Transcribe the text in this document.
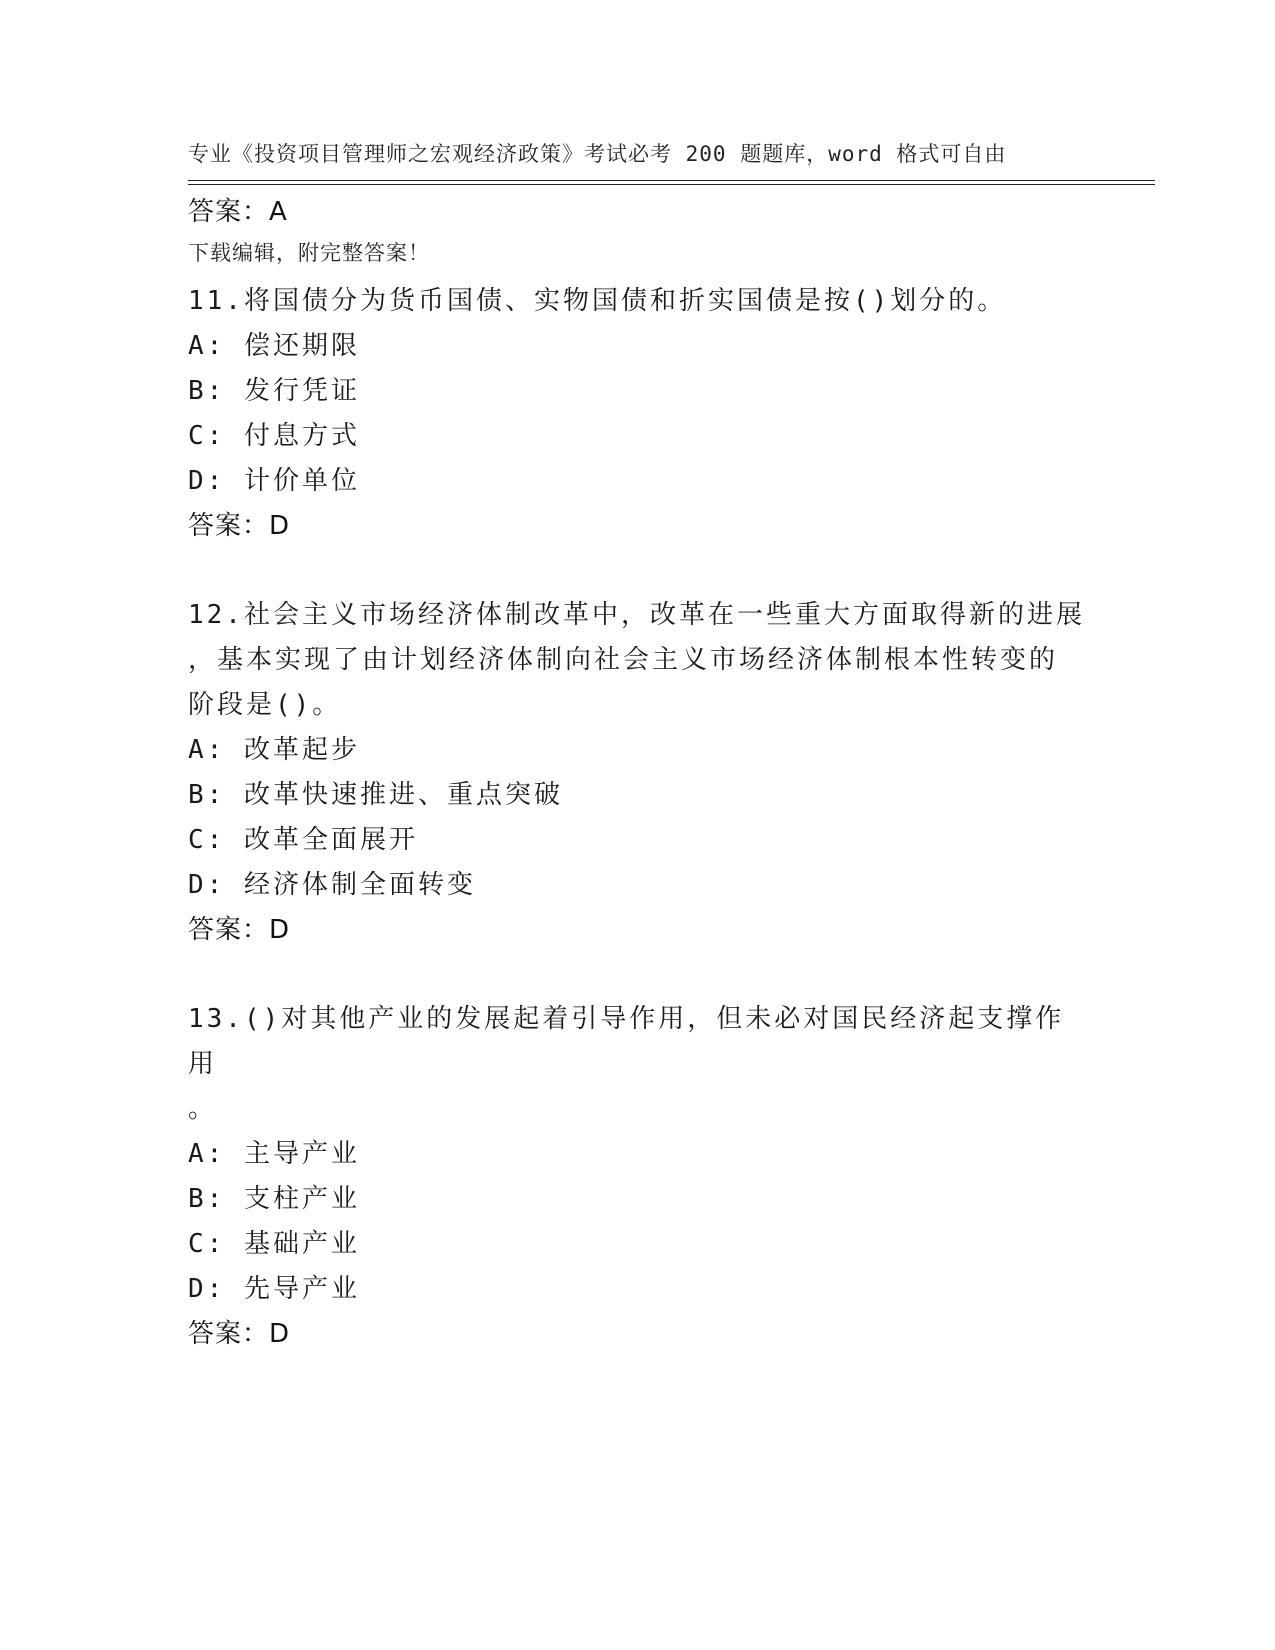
专业《投资项目管理师之宏观经济政策》考试必考 200 题题库，word 格式可自由

下载编辑，附完整答案！

答案：A
11.将国债分为货币国债、实物国债和折实国债是按()划分的。
A: 偿还期限
B: 发行凭证
C: 付息方式
D: 计价单位
答案：D
12.社会主义市场经济体制改革中，改革在一些重大方面取得新的进展
，基本实现了由计划经济体制向社会主义市场经济体制根本性转变的
阶段是()。
A: 改革起步
B: 改革快速推进、重点突破
C: 改革全面展开
D: 经济体制全面转变
答案：D
13.()对其他产业的发展起着引导作用，但未必对国民经济起支撑作用
。
A: 主导产业
B: 支柱产业
C: 基础产业
D: 先导产业
答案：D
